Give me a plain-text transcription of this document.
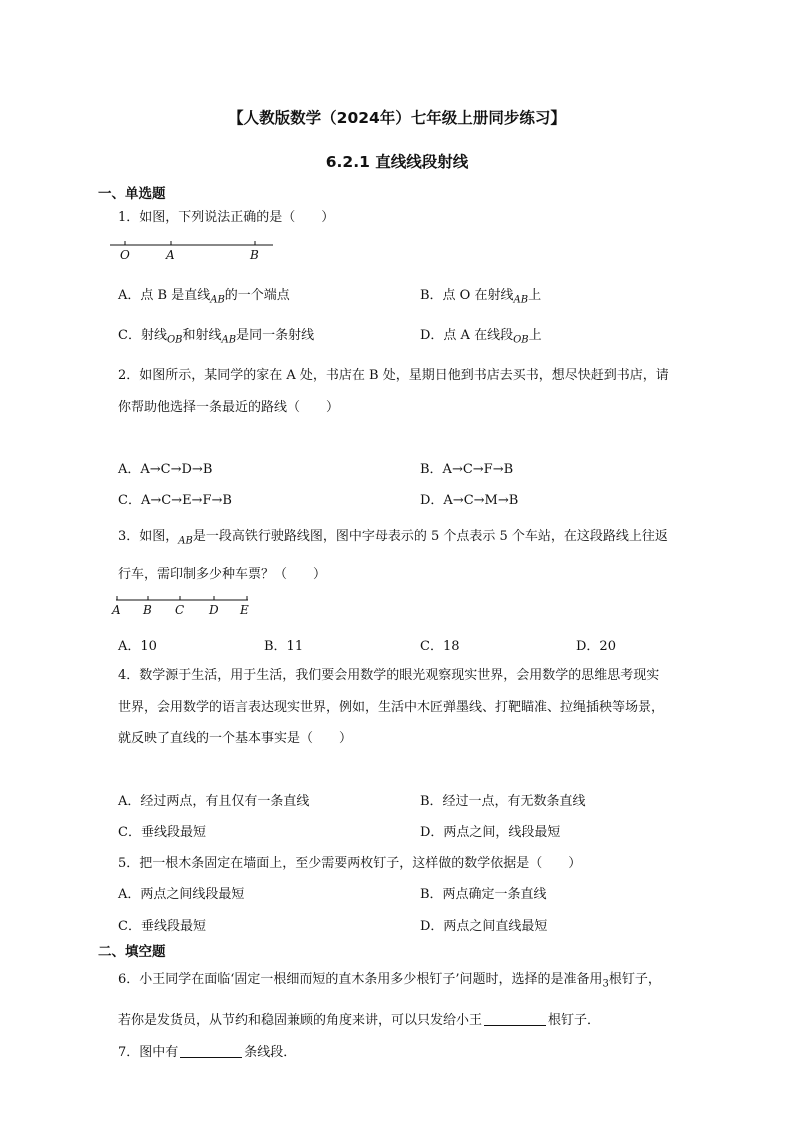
【人教版数学（2024年）七年级上册同步练习】
6.2.1 直线线段射线
一、单选题
1．如图，下列说法正确的是（　　）
O	A	B
A．点 B 是直线$_{AB}$的一个端点	B．点 O 在射线$_{AB}$上
C．射线$_{OB}$和射线$_{AB}$是同一条射线	D．点 A 在线段$_{OB}$上
2．如图所示，某同学的家在 A 处，书店在 B 处，星期日他到书店去买书，想尽快赶到书店，请
你帮助他选择一条最近的路线（　　）
A．A→C→D→B	B．A→C→F→B
C．A→C→E→F→B	D．A→C→M→B
3．如图，$_{AB}$是一段高铁行驶路线图，图中字母表示的 5 个点表示 5 个车站，在这段路线上往返
行车，需印制多少种车票？（　　）
A B C D E
A．10	B．11	C．18	D．20
4．数学源于生活，用于生活，我们要会用数学的眼光观察现实世界，会用数学的思维思考现实
世界，会用数学的语言表达现实世界，例如，生活中木匠弹墨线、打靶瞄准、拉绳插秧等场景，
就反映了直线的一个基本事实是（　　）
A．经过两点，有且仅有一条直线	B．经过一点，有无数条直线
C．垂线段最短	D．两点之间，线段最短
5．把一根木条固定在墙面上，至少需要两枚钉子，这样做的数学依据是（　　）
A．两点之间线段最短	B．两点确定一条直线
C．垂线段最短	D．两点之间直线最短
二、填空题
6．小王同学在面临‘固定一根细而短的直木条用多少根钉子’问题时，选择的是准备用$_3$根钉子，
若你是发货员，从节约和稳固兼顾的角度来讲，可以只发给小王	根钉子．
7．图中有	条线段．
